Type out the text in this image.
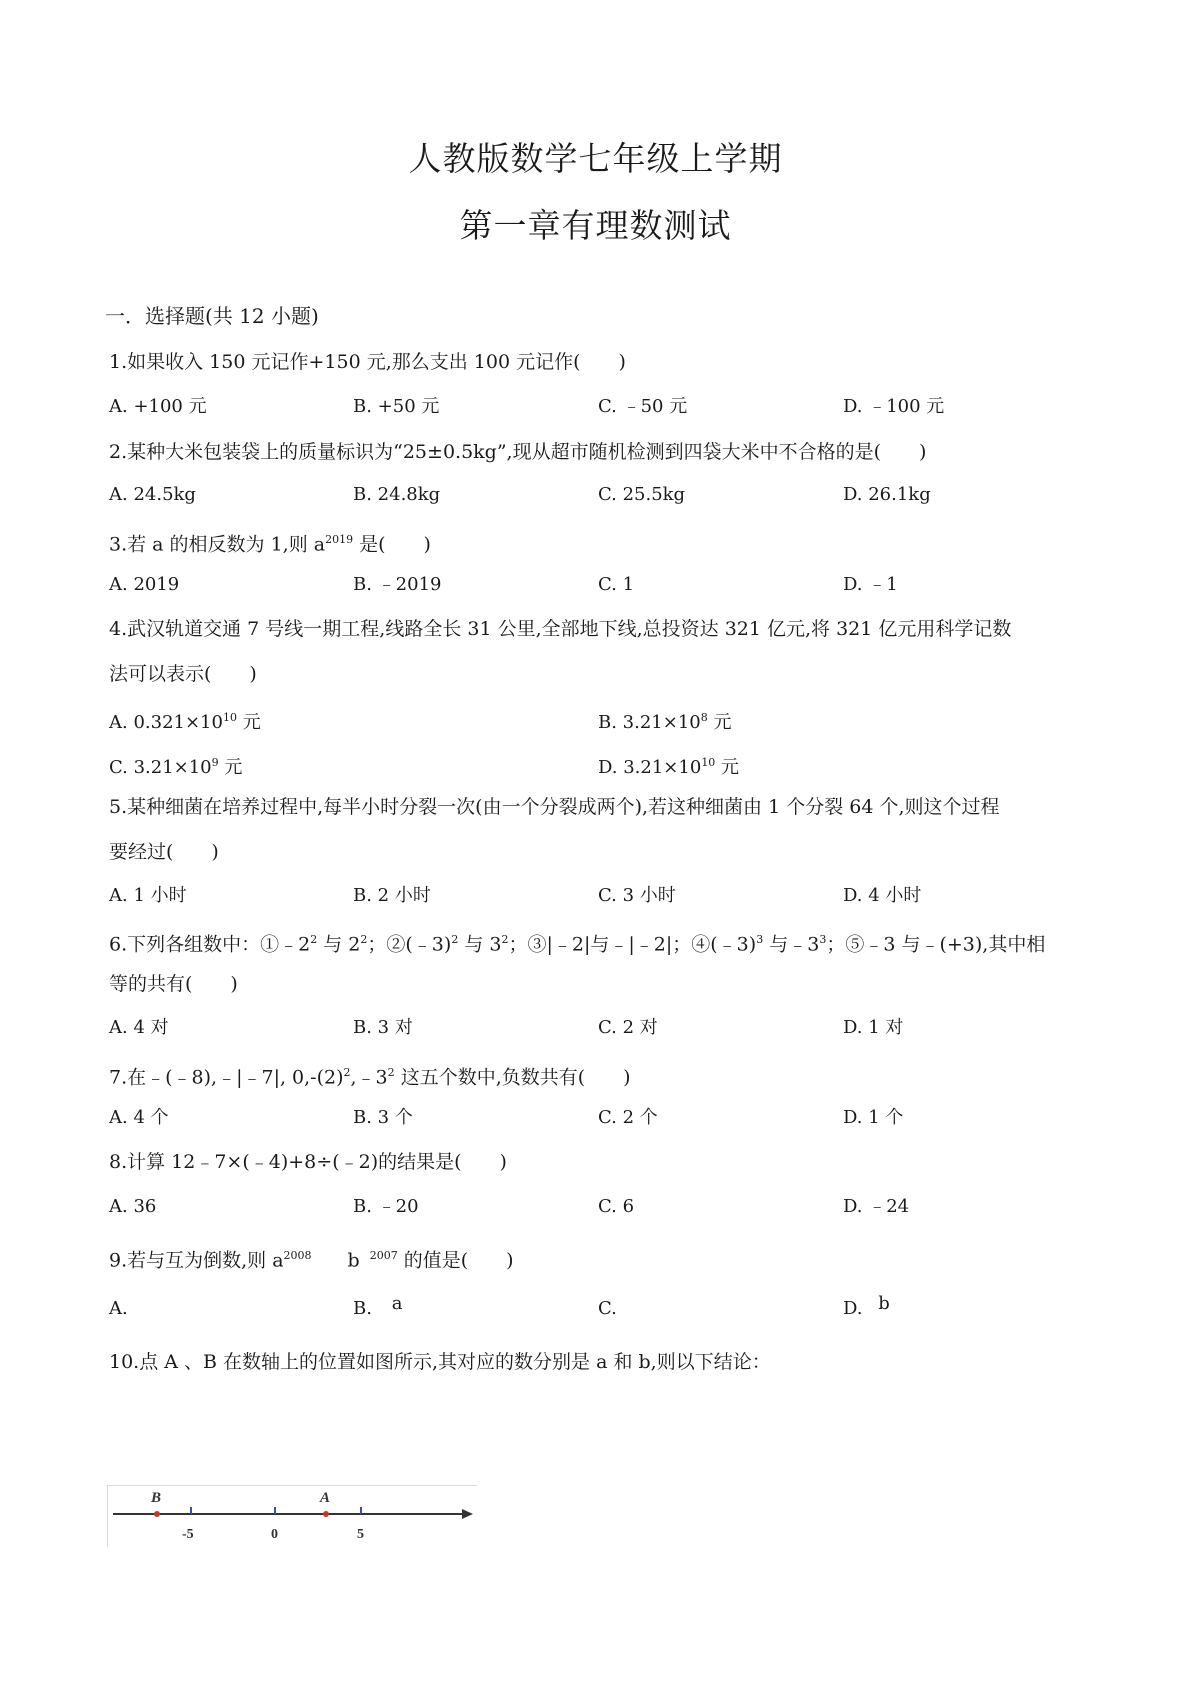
人教版数学七年级上学期
第一章有理数测试
一．选择题(共 12 小题)
1.如果收入 150 元记作+150 元,那么支出 100 元记作(　　)
A. +100 元	B. +50 元	C. ﹣50 元	D. ﹣100 元
2.某种大米包装袋上的质量标识为“25±0.5kg”,现从超市随机检测到四袋大米中不合格的是(　　)
A. 24.5kg	B. 24.8kg	C. 25.5kg	D. 26.1kg
3.若 a 的相反数为 1,则 $a^{2019}$ 是(　　)
A. 2019	B. ﹣2019	C. 1	D. ﹣1
4.武汉轨道交通 7 号线一期工程,线路全长 31 公里,全部地下线,总投资达 321 亿元,将 321 亿元用科学记数
法可以表示(　　)
A. $0.321\times 10^{10}$ 元	B. $3.21\times 10^8$ 元
C. $3.21\times 10^9$ 元	D. $3.21\times 10^{10}$ 元
5.某种细菌在培养过程中,每半小时分裂一次(由一个分裂成两个),若这种细菌由 1 个分裂 64 个,则这个过程
要经过(　　)
A. 1 小时	B. 2 小时	C. 3 小时	D. 4 小时
6.下列各组数中：$①﹣2^2$ 与 $2^2$；②(﹣3)$^2$ 与 $3^2$；③|﹣2|与﹣|﹣2|；④(﹣3)$^3$ 与$﹣3^3$；⑤﹣3 与﹣(+3),其中相
等的共有(　　)
A. 4 对	B. 3 对	C. 2 对	D. 1 对
7.在﹣(﹣8),﹣|﹣7|, $0,-(2)^2,﹣3^2$ 这五个数中,负数共有(　　)
A. 4 个	B. 3 个	C. 2 个	D. 1 个
8.计算 12﹣7×(﹣4)+8÷(﹣2)的结果是(　　)
A. 36	B. ﹣20	C. 6	D. ﹣24
9.若与互为倒数,则 $a^{2008}$ b $^{2007}$ 的值是(　　)
A.	B. a	C.	D. b
10.点 A 、B 在数轴上的位置如图所示,其对应的数分别是 a 和 b,则以下结论：
B	A
-5	0	5
